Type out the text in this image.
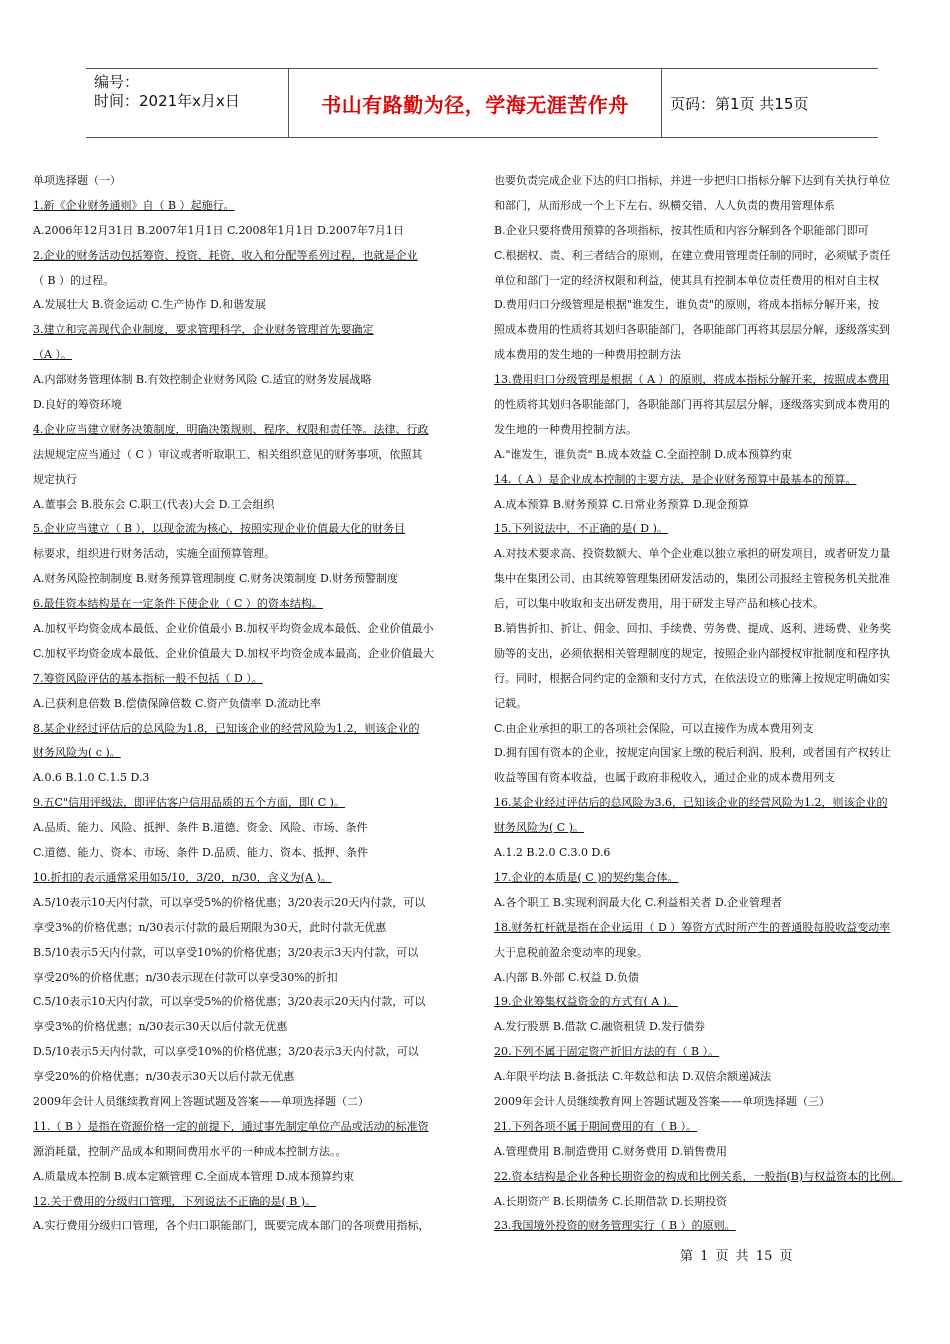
编号：
时间：2021年x月x日	书山有路勤为径，学海无涯苦作舟	页码：第1页 共15页
单项选择题（一）
1.新《企业财务通则》自（ B ）起施行。
A.2006年12月31日 B.2007年1月1日 C.2008年1月1日 D.2007年7月1日
2.企业的财务活动包括筹资、投资、耗资、收入和分配等系列过程，也就是企业
（ B ）的过程。
A.发展壮大 B.资金运动 C.生产协作 D.和谐发展
3.建立和完善现代企业制度，要求管理科学，企业财务管理首先要确定
（A ）。
A.内部财务管理体制 B.有效控制企业财务风险 C.适宜的财务发展战略
D.良好的筹资环境
4.企业应当建立财务决策制度，明确决策规则、程序、权限和责任等。法律、行政
法规规定应当通过（ C ）审议或者听取职工、相关组织意见的财务事项，依照其
规定执行
A.董事会 B.股东会 C.职工(代表)大会 D.工会组织
5.企业应当建立（ B ），以现金流为核心，按照实现企业价值最大化的财务目
标要求，组织进行财务活动，实施全面预算管理。
A.财务风险控制制度 B.财务预算管理制度 C.财务决策制度 D.财务预警制度
6.最佳资本结构是在一定条件下使企业（ C ）的资本结构。
A.加权平均资金成本最低、企业价值最小 B.加权平均资金成本最低、企业价值最小
C.加权平均资金成本最低、企业价值最大 D.加权平均资金成本最高、企业价值最大
7.筹资风险评估的基本指标一般不包括（ D ）。
A.已获利息倍数 B.偿债保障倍数 C.资产负债率 D.流动比率
8.某企业经过评估后的总风险为1.8，已知该企业的经营风险为1.2，则该企业的
财务风险为( c )。
A.0.6 B.1.0 C.1.5 D.3
9.五C"信用评级法，即评估客户信用品质的五个方面，即( C )。
A.品质、能力、风险、抵押、条件 B.道德、资金、风险、市场、条件
C.道德、能力、资本、市场、条件 D.品质、能力、资本、抵押、条件
10.折扣的表示通常采用如5/10，3/20，n/30，含义为(A )。
A.5/10表示10天内付款，可以享受5%的价格优惠；3/20表示20天内付款，可以
享受3%的价格优惠；n/30表示付款的最后期限为30天，此时付款无优惠
B.5/10表示5天内付款，可以享受10%的价格优惠；3/20表示3天内付款，可以
享受20%的价格优惠；n/30表示现在付款可以享受30%的折扣
C.5/10表示10天内付款，可以享受5%的价格优惠；3/20表示20天内付款，可以
享受3%的价格优惠；n/30表示30天以后付款无优惠
D.5/10表示5天内付款，可以享受10%的价格优惠；3/20表示3天内付款，可以
享受20%的价格优惠；n/30表示30天以后付款无优惠
2009年会计人员继续教育网上答题试题及答案——单项选择题（二）
11.（ B ）是指在资源价格一定的前提下，通过事先制定单位产品或活动的标准资
源消耗量，控制产品成本和期间费用水平的一种成本控制方法。。
A.质量成本控制 B.成本定额管理 C.全面成本管理 D.成本预算约束
12.关于费用的分级归口管理，下列说法不正确的是( B )。
A.实行费用分级归口管理，各个归口职能部门，既要完成本部门的各项费用指标，
也要负责完成企业下达的归口指标，并进一步把归口指标分解下达到有关执行单位
和部门，从而形成一个上下左右、纵横交错、人人负责的费用管理体系
B.企业只要将费用预算的各项指标，按其性质和内容分解到各个职能部门即可
C.根据权、责、利三者结合的原则，在建立费用管理责任制的同时，必须赋予责任
单位和部门一定的经济权限和利益，使其具有控制本单位责任费用的相对自主权
D.费用归口分级管理是根据"谁发生，谁负责"的原则，将成本指标分解开来，按
照成本费用的性质将其划归各职能部门，各职能部门再将其层层分解，逐级落实到
成本费用的发生地的一种费用控制方法
13.费用归口分级管理是根据（ A ）的原则，将成本指标分解开来，按照成本费用
的性质将其划归各职能部门，各职能部门再将其层层分解，逐级落实到成本费用的
发生地的一种费用控制方法。
A."谁发生，谁负责" B.成本效益 C.全面控制 D.成本预算约束
14.（ A ）是企业成本控制的主要方法，是企业财务预算中最基本的预算。
A.成本预算 B.财务预算 C.日常业务预算 D.现金预算
15.下列说法中，不正确的是( D )。
A.对技术要求高、投资数额大、单个企业难以独立承担的研发项目，或者研发力量
集中在集团公司、由其统筹管理集团研发活动的，集团公司报经主管税务机关批准
后，可以集中收取和支出研发费用，用于研发主导产品和核心技术。
B.销售折扣、折让、佣金、回扣、手续费、劳务费、提成、返利、进场费、业务奖
励等的支出，必须依据相关管理制度的规定，按照企业内部授权审批制度和程序执
行。同时，根据合同约定的金额和支付方式，在依法设立的账簿上按规定明确如实
记载。
C.由企业承担的职工的各项社会保险，可以直接作为成本费用列支
D.拥有国有资本的企业，按规定向国家上缴的税后利润、股利，或者国有产权转让
收益等国有资本收益，也属于政府非税收入，通过企业的成本费用列支
16.某企业经过评估后的总风险为3.6，已知该企业的经营风险为1.2，则该企业的
财务风险为( C )。
A.1.2 B.2.0 C.3.0 D.6
17.企业的本质是( C )的契约集合体。
A.各个职工 B.实现利润最大化 C.利益相关者 D.企业管理者
18.财务杠杆就是指在企业运用（ D ）筹资方式时所产生的普通股每股收益变动率
大于息税前盈余变动率的现象。
A.内部 B.外部 C.权益 D.负债
19.企业筹集权益资金的方式有( A )。
A.发行股票 B.借款 C.融资租赁 D.发行债券
20.下列不属于固定资产折旧方法的有（ B ）。
A.年限平均法 B.备抵法 C.年数总和法 D.双倍余额递减法
2009年会计人员继续教育网上答题试题及答案——单项选择题（三）
21.下列各项不属于期间费用的有（ B ）。
A.管理费用 B.制造费用 C.财务费用 D.销售费用
22.资本结构是企业各种长期资金的构成和比例关系，一般指(B)与权益资本的比例。
A.长期资产 B.长期债务 C.长期借款 D.长期投资
23.我国境外投资的财务管理实行（ B ）的原则。
第 1 页 共 15 页
